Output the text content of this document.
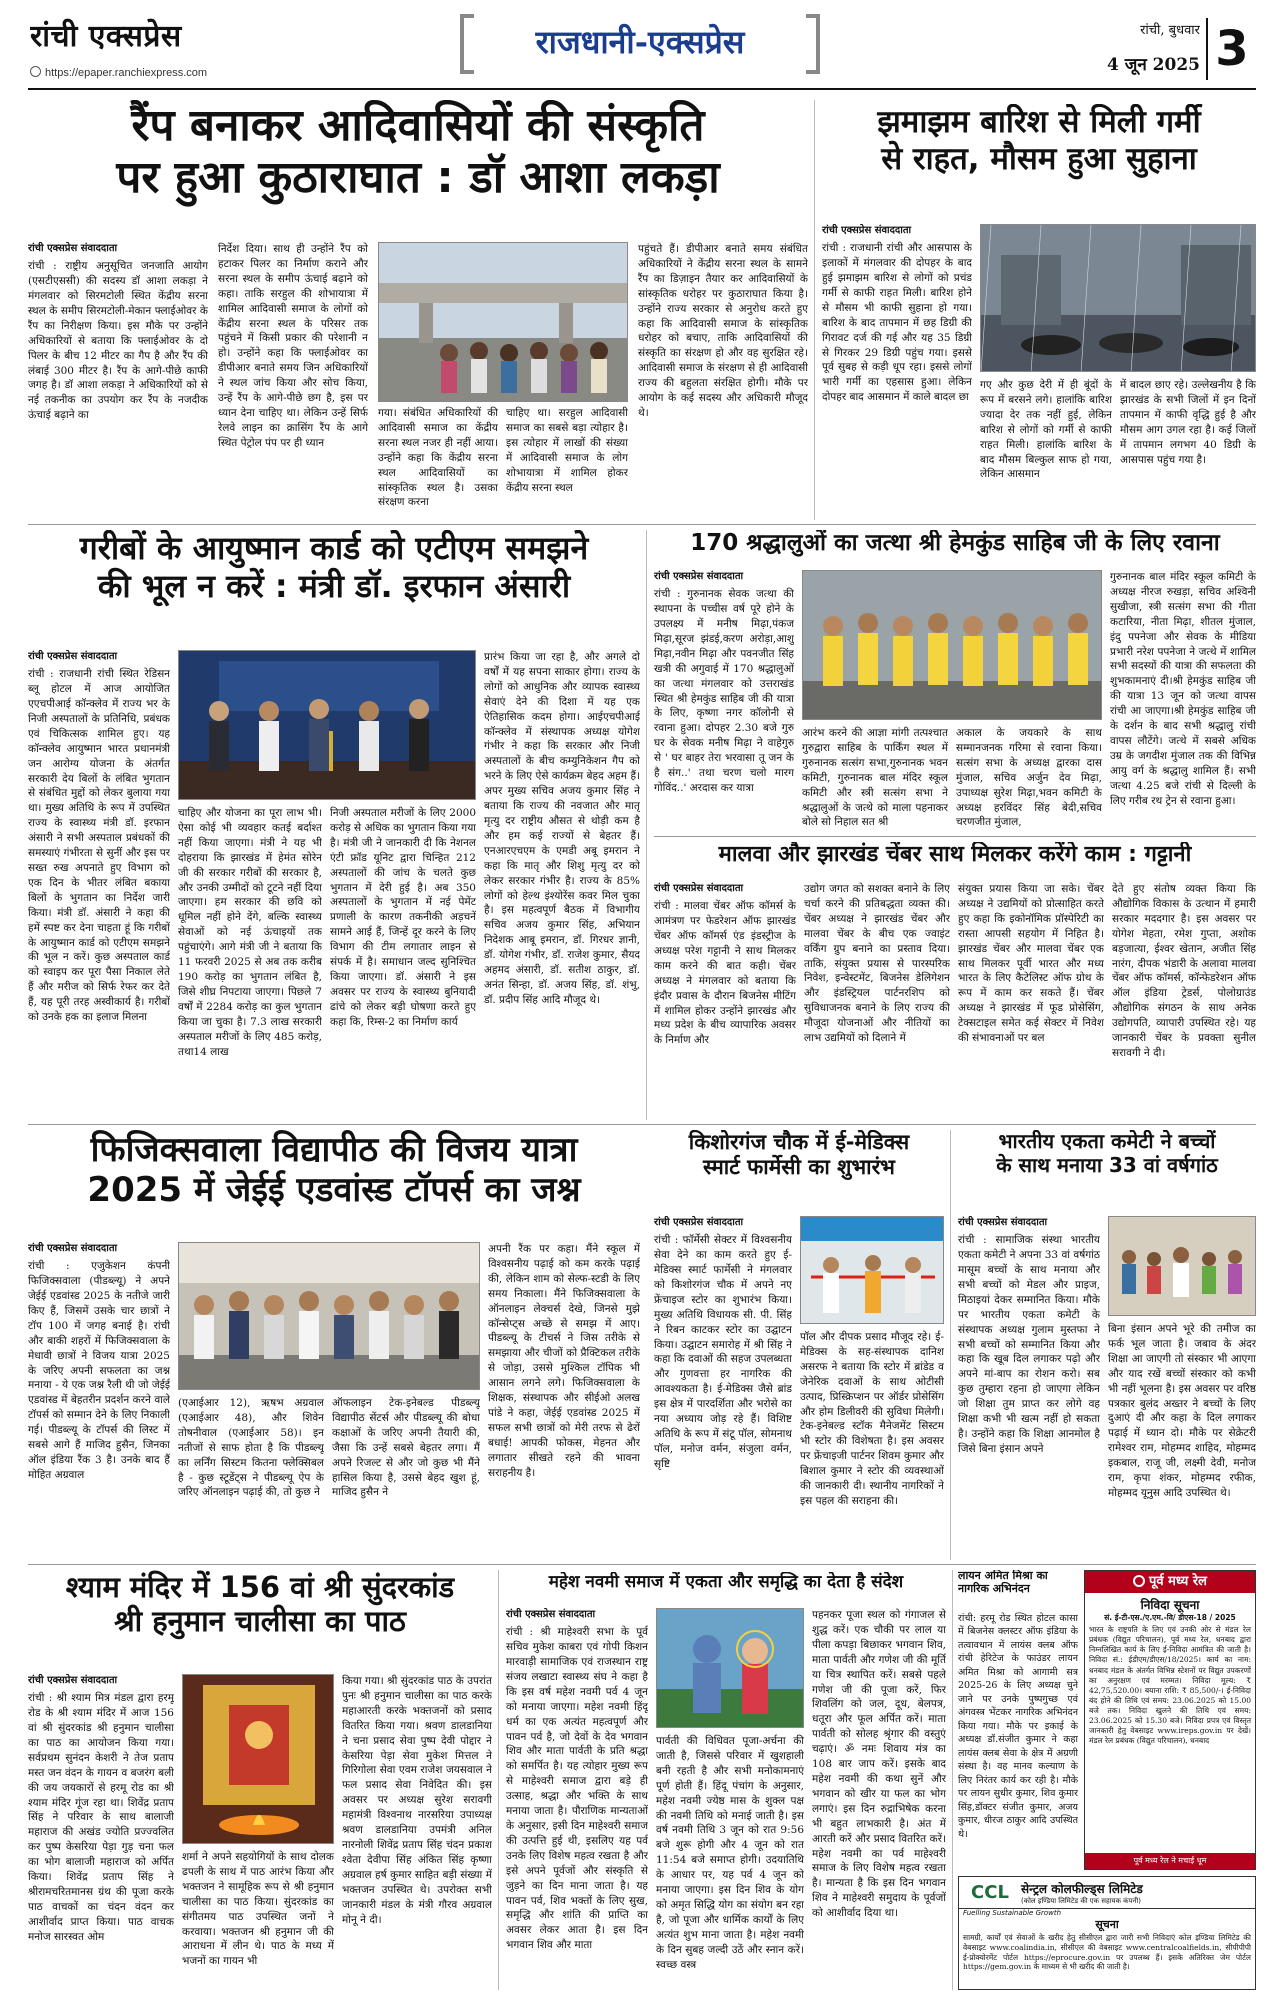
रांची एक्सप्रेस
https://epaper.ranchiexpress.com
राजधानी-एक्सप्रेस	रांची, बुधवार
4 जून 2025 3
रैंप बनाकर आदिवासियों की संस्कृति
पर हुआ कुठाराघात : डॉ आशा लकड़ा
रांची एक्सप्रेस संवाददाता
रांची : राष्ट्रीय अनुसूचित जनजाति आयोग (एसटीएससी) की सदस्य डॉ आशा लकड़ा ने मंगलवार को सिरमटोली स्थित केंद्रीय सरना स्थल के समीप सिरमटोली-मेकान फ्लाईओवर के रैंप का निरीक्षण किया। इस मौके पर उन्होंने अधिकारियों से बताया कि फ्लाईओवर के दो पिलर के बीच 12 मीटर का गैप है और रैंप की लंबाई 300 मीटर है। रैंप के आगे-पीछे काफी जगह है। डॉ आशा लकड़ा ने अधिकारियों को से नई तकनीक का उपयोग कर रैंप के नजदीक ऊंचाई बढ़ाने का
निर्देश दिया। साथ ही उन्होंने रैंप को हटाकर पिलर का निर्माण कराने और सरना स्थल के समीप ऊंचाई बढ़ाने को कहा। ताकि सरहुल की शोभायात्रा में शामिल आदिवासी समाज के लोगों को केंद्रीय सरना स्थल के परिसर तक पहुंचने में किसी प्रकार की परेशानी न हो। उन्होंने कहा कि फ्लाईओवर का डीपीआर बनाते समय जिन अधिकारियों ने स्थल जांच किया और सोच किया, उन्हें रैंप के आगे-पीछे छग है, इस पर ध्यान देना चाहिए था। लेकिन उन्हें सिर्फ रेलवे लाइन का क्रासिंग रैंप के आगे स्थित पेट्रोल पंप पर ही ध्यान
गया। संबंधित अधिकारियों की आदिवासी समाज का केंद्रीय सरना स्थल नजर ही नहीं आया। उन्होंने कहा कि केंद्रीय सरना स्थल आदिवासियों का सांस्कृतिक स्थल है। उसका संरक्षण करना
चाहिए था। सरहुल आदिवासी समाज का सबसे बड़ा त्योहार है। इस त्योहार में लाखों की संख्या में आदिवासी समाज के लोग शोभायात्रा में शामिल होकर केंद्रीय सरना स्थल
पहुंचते हैं। डीपीआर बनाते समय संबंधित अधिकारियों ने केंद्रीय सरना स्थल के सामने रैंप का डिज़ाइन तैयार कर आदिवासियों के सांस्कृतिक धरोहर पर कुठाराघात किया है। उन्होंने राज्य सरकार से अनुरोध करते हुए कहा कि आदिवासी समाज के सांस्कृतिक धरोहर को बचाए, ताकि आदिवासियों की संस्कृति का संरक्षण हो और वह सुरक्षित रहे। आदिवासी समाज के संरक्षण से ही आदिवासी राज्य की बहुलता संरक्षित होगी। मौके पर आयोग के कई सदस्य और अधिकारी मौजूद थे।
झमाझम बारिश से मिली गर्मी
से राहत, मौसम हुआ सुहाना
रांची एक्सप्रेस संवाददाता
रांची : राजधानी रांची और आसपास के इलाकों में मंगलवार की दोपहर के बाद हुई झमाझम बारिश से लोगों को प्रचंड गर्मी से काफी राहत मिली। बारिश होने से मौसम भी काफी सुहाना हो गया। बारिश के बाद तापमान में छह डिग्री की गिरावट दर्ज की गई और यह 35 डिग्री से गिरकर 29 डिग्री पहुंच गया। इससे पूर्व सुबह से कड़ी धूप रहा। इससे लोगों भारी गर्मी का एहसास हुआ। लेकिन दोपहर बाद आसमान में काले बादल छा
गए और कुछ देरी में ही बूंदों के रूप में बरसने लगे। हालांकि बारिश ज्यादा देर तक नहीं हुई, लेकिन बारिश से लोगों को गर्मी से काफी राहत मिली। हालांकि बारिश के बाद मौसम बिल्कुल साफ हो गया, लेकिन आसमान
में बादल छाए रहे। उल्लेखनीय है कि झारखंड के सभी जिलों में इन दिनों तापमान में काफी वृद्धि हुई है और मौसम आग उगल रहा है। कई जिलों में तापमान लगभग 40 डिग्री के आसपास पहुंच गया है।
गरीबों के आयुष्मान कार्ड को एटीएम समझने
की भूल न करें : मंत्री डॉ. इरफान अंसारी
रांची एक्सप्रेस संवाददाता
रांची : राजधानी रांची स्थित रेडिसन ब्लू होटल में आज आयोजित एएचपीआई कॉन्क्लेव में राज्य भर के निजी अस्पतालों के प्रतिनिधि, प्रबंधक एवं चिकित्सक शामिल हुए। यह कॉन्क्लेव आयुष्मान भारत प्रधानमंत्री जन आरोग्य योजना के अंतर्गत सरकारी देय बिलों के लंबित भुगतान से संबंधित मुद्दों को लेकर बुलाया गया था। मुख्य अतिथि के रूप में उपस्थित राज्य के स्वास्थ्य मंत्री डॉ. इरफान अंसारी ने सभी अस्पताल प्रबंधकों की समस्याएं गंभीरता से सुनीं और इस पर सख्त रुख अपनाते हुए विभाग को एक दिन के भीतर लंबित बकाया बिलों के भुगतान का निर्देश जारी किया। मंत्री डॉ. अंसारी ने कहा की हमें स्पष्ट कर देना चाहता हूं कि गरीबों के आयुष्मान कार्ड को एटीएम समझने की भूल न करें। कुछ अस्पताल कार्ड को स्वाइप कर पूरा पैसा निकाल लेते हैं और मरीज को सिर्फ रेफर कर देते हैं, यह पूरी तरह अस्वीकार्य है। गरीबों को उनके हक का इलाज मिलना
चाहिए और योजना का पूरा लाभ भी। ऐसा कोई भी व्यवहार कतई बर्दाश्त नहीं किया जाएगा। मंत्री ने यह भी दोहराया कि झारखंड में हेमंत सोरेन जी की सरकार गरीबों की सरकार है, और उनकी उम्मीदों को टूटने नहीं दिया जाएगा। हम सरकार की छवि को धूमिल नहीं होने देंगे, बल्कि स्वास्थ्य सेवाओं को नई ऊंचाइयों तक पहुंचाएंगे। आगे मंत्री जी ने बताया कि 11 फरवरी 2025 से अब तक करीब 190 करोड़ का भुगतान लंबित है, जिसे शीघ्र निपटाया जाएगा। पिछले 7 वर्षों में 2284 करोड़ का कुल भुगतान किया जा चुका है। 7.3 लाख सरकारी अस्पताल मरीजों के लिए 485 करोड़, तथा14 लाख
निजी अस्पताल मरीजों के लिए 2000 करोड़ से अधिक का भुगतान किया गया है। मंत्री जी ने जानकारी दी कि नेशनल एंटी फ्रॉड यूनिट द्वारा चिन्हित 212 अस्पतालों की जांच के चलते कुछ भुगतान में देरी हुई है। अब 350 अस्पतालों के भुगतान में नई पेमेंट प्रणाली के कारण तकनीकी अड़चनें सामने आई हैं, जिन्हें दूर करने के लिए विभाग की टीम लगातार लाइन से संपर्क में है। समाधान जल्द सुनिश्चित किया जाएगा। डॉ. अंसारी ने इस अवसर पर राज्य के स्वास्थ्य बुनियादी ढांचे को लेकर बड़ी घोषणा करते हुए कहा कि, रिम्स-2 का निर्माण कार्य
प्रारंभ किया जा रहा है, और अगले दो वर्षों में यह सपना साकार होगा। राज्य के लोगों को आधुनिक और व्यापक स्वास्थ्य सेवाएं देने की दिशा में यह एक ऐतिहासिक कदम होगा। आईएचपीआई कॉन्क्लेव में संस्थापक अध्यक्ष योगेश गंभीर ने कहा कि सरकार और निजी अस्पतालों के बीच कम्युनिकेशन गैप को भरने के लिए ऐसे कार्यक्रम बेहद अहम हैं। अपर मुख्य सचिव अजय कुमार सिंह ने बताया कि राज्य की नवजात और मातृ मृत्यु दर राष्ट्रीय औसत से थोड़ी कम है और हम कई राज्यों से बेहतर हैं। एनआरएचएम के एमडी अबू इमरान ने कहा कि मातृ और शिशु मृत्यु दर को लेकर सरकार गंभीर है। राज्य के 85% लोगों को हेल्थ इंश्योरेंस कवर मिल चुका है। इस महत्वपूर्ण बैठक में विभागीय सचिव अजय कुमार सिंह, अभियान निदेशक आबू इमरान, डॉ. गिरधर ज्ञानी, डॉ. योगेश गंभीर, डॉ. राजेश कुमार, सैयद अहमद अंसारी, डॉ. सतीश ठाकुर, डॉ. अनंत सिन्हा, डॉ. अजय सिंह, डॉ. शंभु, डॉ. प्रदीप सिंह आदि मौजूद थे।
170 श्रद्धालुओं का जत्था श्री हेमकुंड साहिब जी के लिए रवाना
रांची एक्सप्रेस संवाददाता
रांची : गुरुनानक सेवक जत्था की स्थापना के पच्चीस वर्ष पूरे होने के उपलक्ष्य में मनीष मिढ़ा,पंकज मिढ़ा,सूरज झंडई,करण अरोड़ा,आशु मिढ़ा,नवीन मिढ़ा और पवनजीत सिंह खत्री की अगुवाई में 170 श्रद्धालुओं का जत्था मंगलवार को उत्तराखंड स्थित श्री हेमकुंड साहिब जी की यात्रा के लिए, कृष्णा नगर कॉलोनी से रवाना हुआ। दोपहर 2.30 बजे गुरु घर के सेवक मनीष मिढ़ा ने वाहेगुरु से ' घर बाहर तेरा भरवासा तू जन के है संग..' तथा चरण चलो मारग गोविंद..' अरदास कर यात्रा
आरंभ करने की आज्ञा मांगी तत्पश्चात गुरुद्वारा साहिब के पार्किंग स्थल में गुरुनानक सत्संग सभा,गुरुनानक भवन कमिटी, गुरुनानक बाल मंदिर स्कूल कमिटी और स्त्री सत्संग सभा ने श्रद्धालुओं के जत्थे को माला पहनाकर बोले सो निहाल सत श्री
अकाल के जयकारे के साथ सम्मानजनक गरिमा से रवाना किया। सत्संग सभा के अध्यक्ष द्वारका दास मुंजाल, सचिव अर्जुन देव मिढ़ा, उपाध्यक्ष सुरेश मिढ़ा,भवन कमिटी के अध्यक्ष हरविंदर सिंह बेदी,सचिव चरणजीत मुंजाल,
गुरुनानक बाल मंदिर स्कूल कमिटी के अध्यक्ष नीरज रुखड़ा, सचिव अश्विनी सुखीजा, स्त्री सत्संग सभा की गीता कटारिया, नीता मिढ़ा, शीतल मुंजाल, इंदु पपनेजा और सेवक के मीडिया प्रभारी नरेश पपनेजा ने जत्थे में शामिल सभी सदस्यों की यात्रा की सफलता की शुभकामनाएं दी।श्री हेमकुंड साहिब जी की यात्रा 13 जून को जत्था वापस रांची आ जाएगा।श्री हेमकुंड साहिब जी के दर्शन के बाद सभी श्रद्धालु रांची वापस लौटेंगे। जत्थे में सबसे अधिक उम्र के जगदीश मुंजाल तक की विभिन्न आयु वर्ग के श्रद्धालु शामिल हैं। सभी जत्था 4.25 बजे रांची से दिल्ली के लिए गरीब रथ ट्रेन से रवाना हुआ।
मालवा और झारखंड चेंबर साथ मिलकर करेंगे काम : गट्टानी
रांची एक्सप्रेस संवाददाता
रांची : मालवा चेंबर ऑफ कॉमर्स के आमंत्रण पर फेडरेशन ऑफ झारखंड चेंबर ऑफ कॉमर्स एंड इंडस्ट्रीज के अध्यक्ष परेश गट्टानी ने साथ मिलकर काम करने की बात कही। चेंबर अध्यक्ष ने मंगलवार को बताया कि इंदौर प्रवास के दौरान बिजनेस मीटिंग में शामिल होकर उन्होंने झारखंड और मध्य प्रदेश के बीच व्यापारिक अवसर के निर्माण और
उद्योग जगत को सशक्त बनाने के लिए चर्चा करने की प्रतिबद्धता व्यक्त की। चेंबर अध्यक्ष ने झारखंड चेंबर और मालवा चेंबर के बीच एक ज्वाइंट वर्किंग ग्रुप बनाने का प्रस्ताव दिया। ताकि, संयुक्त प्रयास से पारस्परिक निवेश, इन्वेस्टमेंट, बिजनेस डेलिगेशन और इंडस्ट्रियल पार्टनरशिप को सुविधाजनक बनाने के लिए राज्य की मौजूदा योजनाओं और नीतियों का लाभ उद्यमियों को दिलाने में
संयुक्त प्रयास किया जा सके। चेंबर अध्यक्ष ने उद्यमियों को प्रोत्साहित करते हुए कहा कि इकोनॉमिक प्रॉस्पेरिटी का रास्ता आपसी सहयोग में निहित है। झारखंड चेंबर और मालवा चेंबर एक साथ मिलकर पूर्वी भारत और मध्य भारत के लिए कैटेलिस्ट ऑफ ग्रोथ के रूप में काम कर सकते हैं। चेंबर अध्यक्ष ने झारखंड में फूड प्रोसेसिंग, टेक्सटाइल समेत कई सेक्टर में निवेश की संभावनाओं पर बल
देते हुए संतोष व्यक्त किया कि औद्योगिक विकास के उत्थान में हमारी सरकार मददगार है। इस अवसर पर योगेश मेहता, रमेश गुप्ता, अशोक बड़जात्या, ईश्वर खेतान, अजीत सिंह नारंग, दीपक भंडारी के अलावा मालवा चेंबर ऑफ कॉमर्स, कॉन्फेडरेशन ऑफ ऑल इंडिया ट्रेडर्स, पोलोग्राउंड औद्योगिक संगठन के साथ अनेक उद्योगपति, व्यापारी उपस्थित रहे। यह जानकारी चेंबर के प्रवक्ता सुनील सरावगी ने दी।
फिजिक्सवाला विद्यापीठ की विजय यात्रा
2025 में जेईई एडवांस्ड टॉपर्स का जश्न
रांची एक्सप्रेस संवाददाता
रांची : एजुकेशन कंपनी फिजिक्सवाला (पीडब्ल्यू) ने अपने जेईई एडवांस्ड 2025 के नतीजे जारी किए हैं, जिसमें उसके चार छात्रों ने टॉप 100 में जगह बनाई है। रांची और बाकी शहरों में फिजिक्सवाला के मेधावी छात्रों ने विजय यात्रा 2025 के जरिए अपनी सफलता का जश्न मनाया - ये एक जश्न रैली थी जो जेईई एडवांस्ड में बेहतरीन प्रदर्शन करने वाले टॉपर्स को सम्मान देने के लिए निकाली गई। पीडब्ल्यू के टॉपर्स की लिस्ट में सबसे आगे हैं माजिद हुसैन, जिनका ऑल इंडिया रैंक 3 है। उनके बाद हैं मोहित अग्रवाल
(एआईआर 12), ऋषभ अग्रवाल (एआईआर 48), और शिवेन तोषनीवाल (एआईआर 58)। इन नतीजों से साफ होता है कि पीडब्ल्यू का लर्निंग सिस्टम कितना फ्लेक्सिबल है - कुछ स्टूडेंट्स ने पीडब्ल्यू ऐप के जरिए ऑनलाइन पढ़ाई की, तो कुछ ने
ऑफलाइन टेक-इनेबल्ड पीडब्ल्यू विद्यापीठ सेंटर्स और पीडब्ल्यू की बोधा कक्षाओं के जरिए अपनी तैयारी की, जैसा कि उन्हें सबसे बेहतर लगा। मैं अपने रिजल्ट से और जो कुछ भी मैंने हासिल किया है, उससे बेहद खुश हूं, माजिद हुसैन ने
अपनी रैंक पर कहा। मैंने स्कूल में विश्वसनीय पढ़ाई को कम करके पढ़ाई की, लेकिन शाम को सेल्फ-स्टडी के लिए समय निकाला। मैंने फिजिक्सवाला के ऑनलाइन लेक्चर्स देखे, जिनसे मुझे कॉन्सेप्ट्स अच्छे से समझ में आए। पीडब्ल्यू के टीचर्स ने जिस तरीके से समझाया और चीजों को प्रैक्टिकल तरीके से जोड़ा, उससे मुश्किल टॉपिक भी आसान लगने लगे। फिजिक्सवाला के शिक्षक, संस्थापक और सीईओ अलख पांडे ने कहा, जेईई एडवांस्ड 2025 में सफल सभी छात्रों को मेरी तरफ से ढेरों बधाई! आपकी फोकस, मेहनत और लगातार सीखते रहने की भावना सराहनीय है।
किशोरगंज चौक में ई-मेडिक्स
स्मार्ट फार्मेसी का शुभारंभ
रांची एक्सप्रेस संवाददाता
रांची : फॉर्मेसी सेक्टर में विश्वसनीय सेवा देने का काम करते हुए ई-मेडिक्स स्मार्ट फार्मेसी ने मंगलवार को किशोरगंज चौक में अपने नए फ्रेंचाइज स्टोर का शुभारंभ किया। मुख्य अतिथि विधायक सी. पी. सिंह ने रिबन काटकर स्टोर का उद्घाटन किया। उद्घाटन समारोह में श्री सिंह ने कहा कि दवाओं की सहज उपलब्धता और गुणवत्ता हर नागरिक की आवश्यकता है। ई-मेडिक्स जैसे ब्रांड इस क्षेत्र में पारदर्शिता और भरोसे का नया अध्याय जोड़ रहे हैं। विशिष्ट अतिथि के रूप में संटू पॉल, सोमनाथ पॉल, मनोज वर्मन, संजुला वर्मन, सृष्टि
पॉल और दीपक प्रसाद मौजूद रहे। ई-मेडिक्स के सह-संस्थापक दानिश असरफ ने बताया कि स्टोर में ब्रांडेड व जेनेरिक दवाओं के साथ ओटीसी उत्पाद, प्रिस्क्रिप्शन पर ऑर्डर प्रोसेसिंग और होम डिलीवरी की सुविधा मिलेगी। टेक-इनेबल्ड स्टॉक मैनेजमेंट सिस्टम भी स्टोर की विशेषता है। इस अवसर पर फ्रेंचाइजी पार्टनर शिवम कुमार और बिशाल कुमार ने स्टोर की व्यवस्थाओं की जानकारी दी। स्थानीय नागरिकों ने इस पहल की सराहना की।
भारतीय एकता कमेटी ने बच्चों
के साथ मनाया 33 वां वर्षगांठ
रांची एक्सप्रेस संवाददाता
रांची : सामाजिक संस्था भारतीय एकता कमेटी ने अपना 33 वां वर्षगांठ मासूम बच्चों के साथ मनाया और सभी बच्चों को मेडल और प्राइज, मिठाइयां देकर सम्मानित किया। मौके पर भारतीय एकता कमेटी के संस्थापक अध्यक्ष गुलाम मुस्तफा ने सभी बच्चों को सम्मानित किया और कहा कि खूब दिल लगाकर पढ़ो और अपने मां-बाप का रोशन करो। सब कुछ तुम्हारा रहना हो जाएगा लेकिन जो शिक्षा तुम प्राप्त कर लोगे वह शिक्षा कभी भी खत्म नहीं हो सकता है। उन्होंने कहा कि शिक्षा आनमोल है जिसे बिना इंसान अपने
बिना इंसान अपने भूरे की तमीज का फर्क भूल जाता है। जबाव के अंदर शिक्षा आ जाएगी तो संस्कार भी आएगा और याद रखें बच्चों संस्कार को कभी भी नहीं भूलना है। इस अवसर पर वरिष्ठ पत्रकार बुलंद अख्तर ने बच्चों के लिए दुआएं दी और कहा के दिल लगाकर पढ़ाई में ध्यान दो। मौके पर सेक्रेटरी रामेश्वर राम, मोहम्मद शाहिद, मोहम्मद इकबाल, राजू जी, लक्ष्मी देवी, मनोज राम, कृपा शंकर, मोहम्मद रफीक, मोहम्मद यूनुस आदि उपस्थित थे।
श्याम मंदिर में 156 वां श्री सुंदरकांड
श्री हनुमान चालीसा का पाठ
रांची एक्सप्रेस संवाददाता
रांची : श्री श्याम मित्र मंडल द्वारा हरमू रोड के श्री श्याम मंदिर में आज 156 वां श्री सुंदरकांड श्री हनुमान चालीसा का पाठ का आयोजन किया गया। सर्वप्रथम सुनंदन केशरी ने तेज प्रताप मस्त जन वंदन के गायन व बजरंग बली की जय जयकारों से हरमू रोड का श्री श्याम मंदिर गूंज रहा था। शिवेंद्र प्रताप सिंह ने परिवार के साथ बालाजी महाराज की अखंड ज्योति प्रज्ज्वलित कर पुष्प केसरिया पेड़ा गुड़ चना फल का भोग बालाजी महाराज को अर्पित किया। शिवेंद्र प्रताप सिंह ने श्रीरामचरितमानस ग्रंथ की पूजा करके पाठ वाचकों का चंदन वंदन कर आशीर्वाद प्राप्त किया। पाठ वाचक मनोज सारस्वत ओम
शर्मा ने अपने सहयोगियों के साथ दोलक ढपली के साथ में पाठ आरंभ किया और भक्तजन ने सामूहिक रूप से श्री हनुमान चालीसा का पाठ किया। सुंदरकांड का संगीतमय पाठ उपस्थित जनों ने करवाया। भक्तजन श्री हनुमान जी की आराधना में लीन थे। पाठ के मध्य में भजनों का गायन भी
किया गया। श्री सुंदरकांड पाठ के उपरांत पुनः श्री हनुमान चालीसा का पाठ करके महाआरती करके भक्तजनों को प्रसाद वितरित किया गया। श्रवण डालडानिया ने चना प्रसाद सेवा पुष्प देवी पोद्दार ने केसरिया पेड़ा सेवा मुकेश मित्तल ने गिरिगोला सेवा एवम राजेश जयसवाल ने फल प्रसाद सेवा निवेदित की। इस अवसर पर अध्यक्ष सुरेश सरावगी महामंत्री विश्वनाथ नारसरिया उपाध्यक्ष श्रवण डालडानिया उपमंत्री अनिल नारनोली शिवेंद्र प्रताप सिंह चंदन प्रकाश श्वेता देवीपा सिंह अंकित सिंह कृष्णा अग्रवाल हर्ष कुमार साहित बड़ी संख्या में भक्तजन उपस्थित थे। उपरोक्त सभी जानकारी मंडल के मंत्री गौरव अग्रवाल मोनू ने दी।
महेश नवमी समाज में एकता और समृद्धि का देता है संदेश
रांची एक्सप्रेस संवाददाता
रांची : श्री माहेश्वरी सभा के पूर्व सचिव मुकेश काबरा एवं गोपी किशन मारवाड़ी सामाजिक एवं राजस्थान राष्ट्र संजय लखाटा स्वास्थ्य संघ ने कहा है कि इस वर्ष महेश नवमी पर्व 4 जून को मनाया जाएगा। महेश नवमी हिंदू धर्म का एक अत्यंत महत्वपूर्ण और पावन पर्व है, जो देवों के देव भगवान शिव और माता पार्वती के प्रति श्रद्धा को समर्पित है। यह त्योहार मुख्य रूप से माहेश्वरी समाज द्वारा बड़े ही उत्साह, श्रद्धा और भक्ति के साथ मनाया जाता है। पौराणिक मान्यताओं के अनुसार, इसी दिन माहेश्वरी समाज की उत्पत्ति हुई थी, इसलिए यह पर्व उनके लिए विशेष महत्व रखता है और इसे अपने पूर्वजों और संस्कृति से जुड़ने का दिन माना जाता है। यह पावन पर्व, शिव भक्तों के लिए सुख, समृद्धि और शांति की प्राप्ति का अवसर लेकर आता है। इस दिन भगवान शिव और माता
पार्वती की विधिवत पूजा-अर्चना की जाती है, जिससे परिवार में खुशहाली बनी रहती है और सभी मनोकामनाएं पूर्ण होती हैं। हिंदू पंचांग के अनुसार, महेश नवमी ज्येष्ठ मास के शुक्ल पक्ष की नवमी तिथि को मनाई जाती है। इस वर्ष नवमी तिथि 3 जून को रात 9:56 बजे शुरू होगी और 4 जून को रात 11:54 बजे समाप्त होगी। उदयातिथि के आधार पर, यह पर्व 4 जून को मनाया जाएगा। इस दिन शिव के योग को अमृत सिद्धि योग का संयोग बन रहा है, जो पूजा और धार्मिक कार्यों के लिए अत्यंत शुभ माना जाता है। महेश नवमी के दिन सुबह जल्दी उठें और स्नान करें। स्वच्छ वस्त्र
पहनकर पूजा स्थल को गंगाजल से शुद्ध करें। एक चौकी पर लाल या पीला कपड़ा बिछाकर भगवान शिव, माता पार्वती और गणेश जी की मूर्ति या चित्र स्थापित करें। सबसे पहले गणेश जी की पूजा करें, फिर शिवलिंग को जल, दूध, बेलपत्र, धतूरा और फूल अर्पित करें। माता पार्वती को सोलह श्रृंगार की वस्तुएं चढ़ाएं। ॐ नमः शिवाय मंत्र का 108 बार जाप करें। इसके बाद महेश नवमी की कथा सुनें और भगवान को खीर या फल का भोग लगाएं। इस दिन रुद्राभिषेक करना भी बहुत लाभकारी है। अंत में आरती करें और प्रसाद वितरित करें। महेश नवमी का पर्व माहेश्वरी समाज के लिए विशेष महत्व रखता है। मान्यता है कि इस दिन भगवान शिव ने माहेश्वरी समुदाय के पूर्वजों को आशीर्वाद दिया था।
लायन अमित मिश्रा का
नागरिक अभिनंदन
रांची: हरमू रोड स्थित होटल कासा में बिजनेस क्लस्टर ऑफ इंडिया के तत्वावधान में लायंस क्लब ऑफ रांची हेरिटेज के फाउंडर लायन अमित मिश्रा को आगामी सत्र 2025-26 के लिए अध्यक्ष चुने जाने पर उनके पुष्पगुच्छ एवं अंगवस्त्र भेंटकर नागरिक अभिनंदन किया गया। मौके पर इकाई के अध्यक्ष डॉ.संजीत कुमार ने कहा लायंस क्लब सेवा के क्षेत्र में अग्रणी संस्था है। वह मानव कल्याण के लिए निरंतर कार्य कर रही है। मौके पर लायन सुधीर कुमार, शिव कुमार सिंह,डॉक्टर संजीत कुमार, अजय कुमार, धीरज ठाकुर आदि उपस्थित थे।
पूर्व मध्य रेल
निविदा सूचना
सं. ई-टी-एस./ए.एम.-वि/ डीएस-18 / 2025
भारत के राष्ट्रपति के लिए एवं उनकी ओर से मंडल रेल प्रबंधक (विद्युत परिचालन), पूर्व मध्य रेल, धनबाद द्वारा निम्नलिखित कार्य के लिए ई-निविदा आमंत्रित की जाती है। निविदा सं.: ईडीएम/डीएस/18/2025। कार्य का नाम: धनबाद मंडल के अंतर्गत विभिन्न स्टेशनों पर विद्युत उपकरणों का अनुरक्षण एवं मरम्मत। निविदा मूल्य: ₹ 42,75,520.00। बयाना राशि: ₹ 85,500/-। ई-निविदा बंद होने की तिथि एवं समय: 23.06.2025 को 15.00 बजे तक। निविदा खुलने की तिथि एवं समय: 23.06.2025 को 15.30 बजे। निविदा प्रपत्र एवं विस्तृत जानकारी हेतु वेबसाइट www.ireps.gov.in पर देखें। मंडल रेल प्रबंधक (विद्युत परिचालन), धनबाद
पूर्व मध्य रेल ने मचाई धूम
CCL	सेन्ट्रल कोलफील्ड्स लिमिटेड
(कोल इण्डिया लिमिटेड की एक सहायक कंपनी)
Fuelling Sustainable Growth
सूचना
सामग्री, कार्यों एवं सेवाओं के खरीद हेतु सीसीएल द्वारा जारी सभी निविदाएं कोल इण्डिया लिमिटेड की वेबसाइट www.coalindia.in, सीसीएल की वेबसाइट www.centralcoalfields.in, सीपीपीपी ई-प्रोक्योरमेंट पोर्टल https://eprocure.gov.in पर उपलब्ध हैं। इसके अतिरिक्त जेम पोर्टल https://gem.gov.in के माध्यम से भी खरीद की जाती है।
